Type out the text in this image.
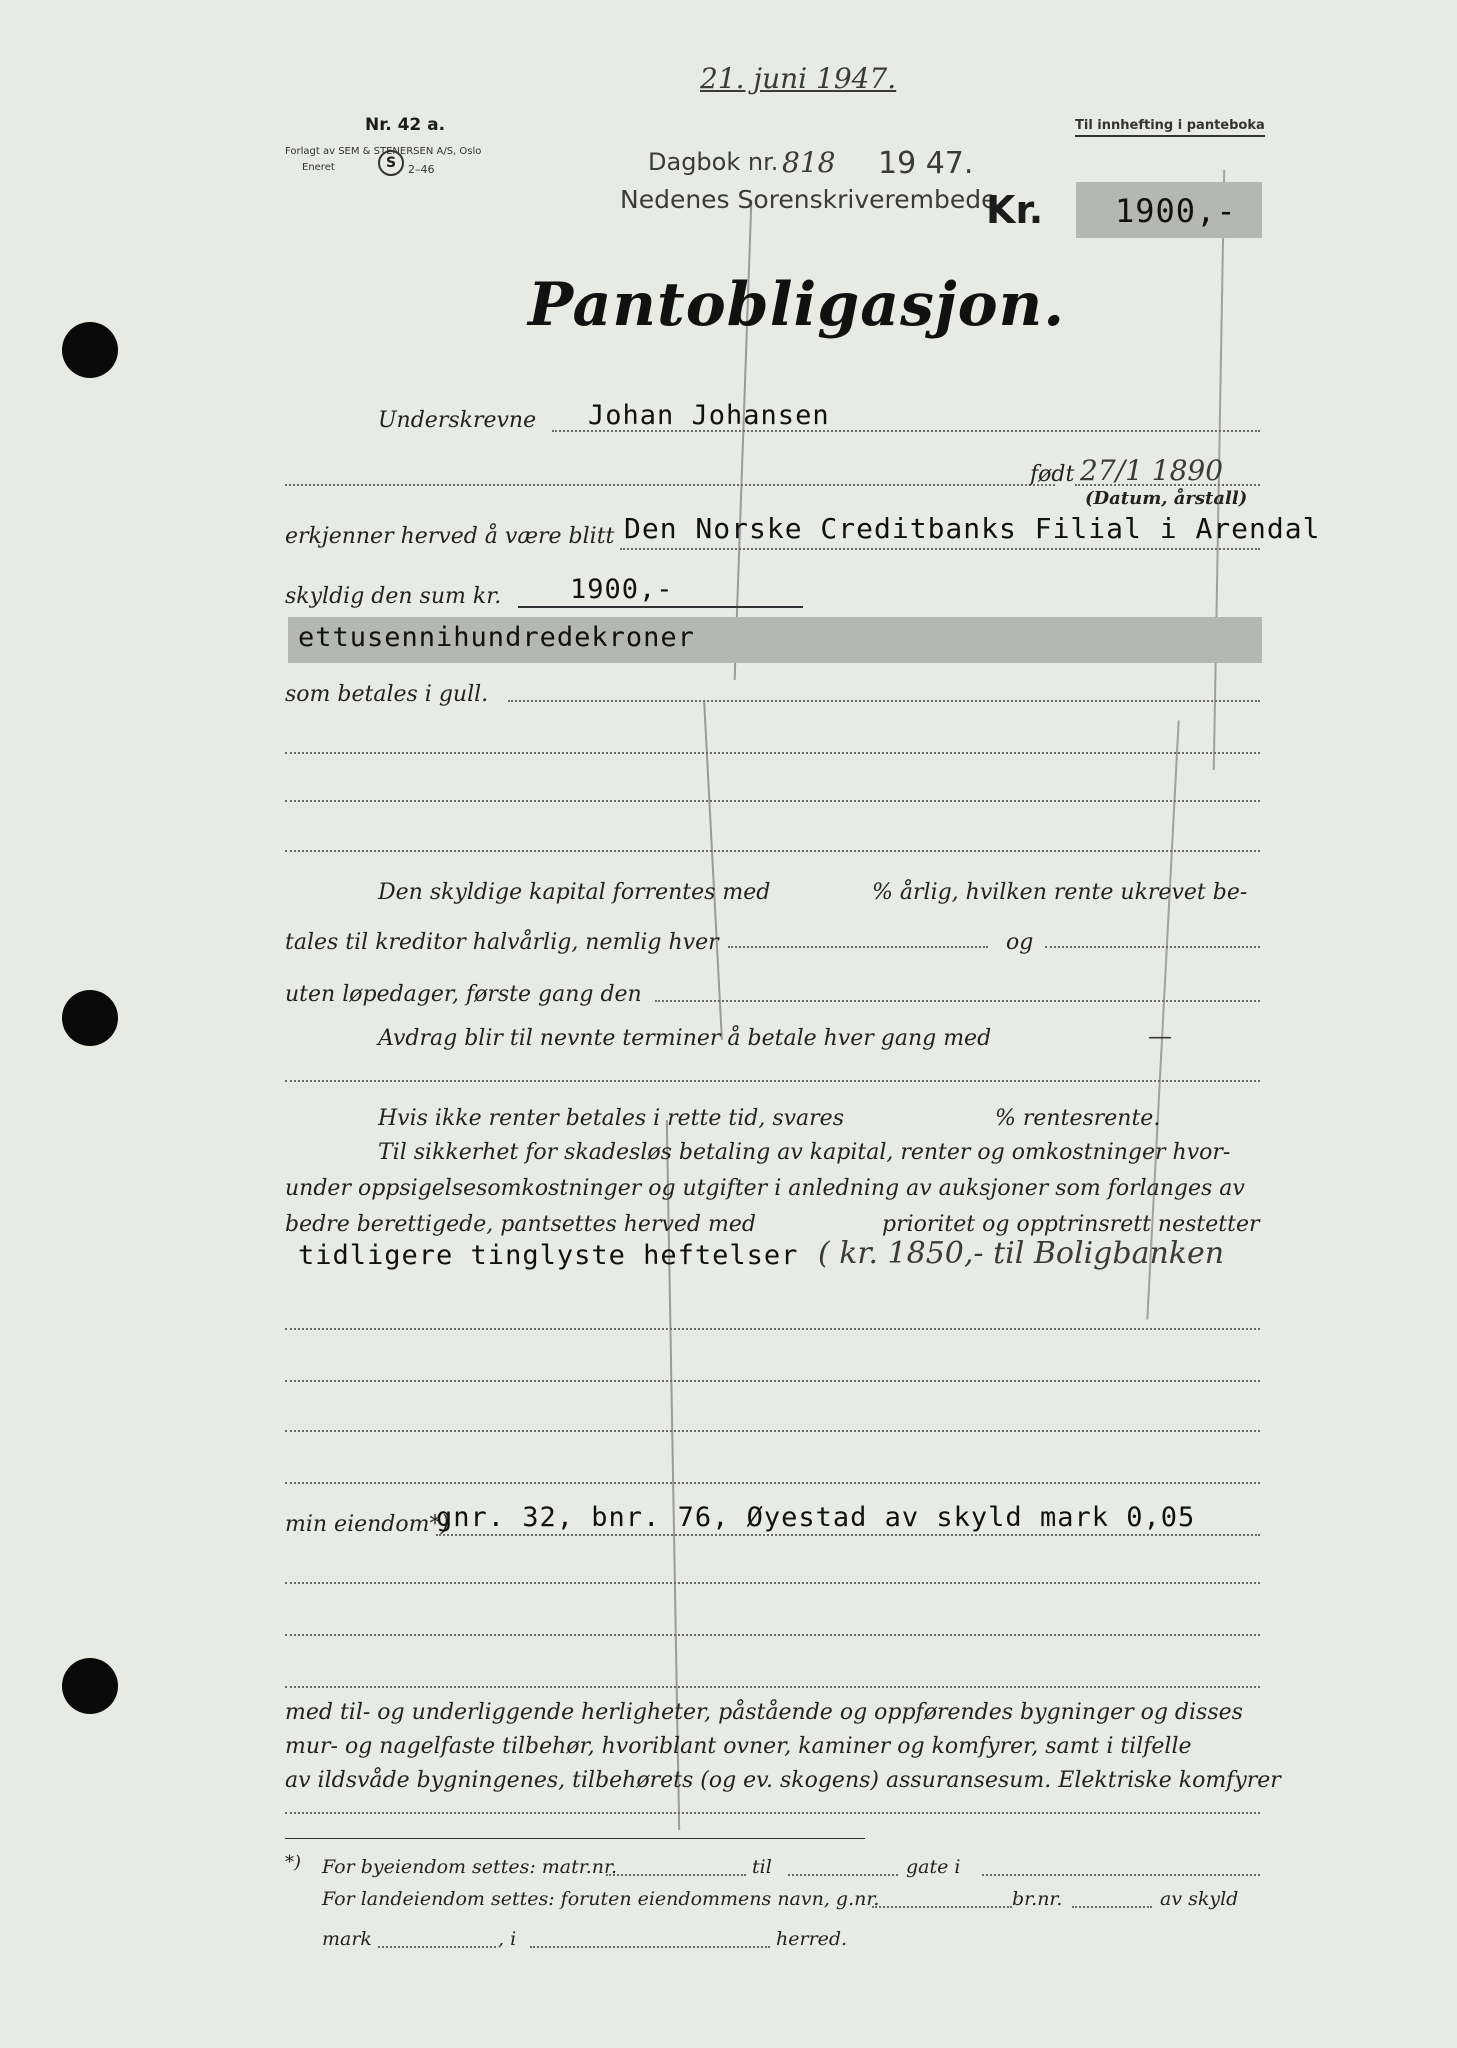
21. juni 1947.
Nr. 42 a.
Forlagt av SEM & STENERSEN A/S, Oslo
Eneret	S	2–46
Til innhefting i panteboka
Dagbok nr. 818 19 47.
Nedenes Sorenskriverembede
Kr. 1900,-
Pantobligasjon.
Underskrevne Johan Johansen
født 27/1 1890
(Datum, årstall)
erkjenner herved å være blitt Den Norske Creditbanks Filial i Arendal
skyldig den sum kr.	1900,-
ettusennihundredekroner
som betales i gull.
Den skyldige kapital forrentes med	% årlig, hvilken rente ukrevet be-
tales til kreditor halvårlig, nemlig hver	og
uten løpedager, første gang den
Avdrag blir til nevnte terminer å betale hver gang med	—
Hvis ikke renter betales i rette tid, svares	% rentesrente.
Til sikkerhet for skadesløs betaling av kapital, renter og omkostninger hvor-
under oppsigelsesomkostninger og utgifter i anledning av auksjoner som forlanges av
bedre berettigede, pantsettes herved med	prioritet og opptrinsrett nestetter
tidligere tinglyste heftelser ( kr. 1850,- til Boligbanken
min eiendom*)
gnr. 32, bnr. 76, Øyestad av skyld mark 0,05
med til- og underliggende herligheter, påstående og oppførendes bygninger og disses
mur- og nagelfaste tilbehør, hvoriblant ovner, kaminer og komfyrer, samt i tilfelle
av ildsvåde bygningenes, tilbehørets (og ev. skogens) assuransesum. Elektriske komfyrer
*) For byeiendom settes: matr.nr.	til	gate i
For landeiendom settes: foruten eiendommens navn, g.nr.	br.nr.	av skyld
mark	, i	herred.
